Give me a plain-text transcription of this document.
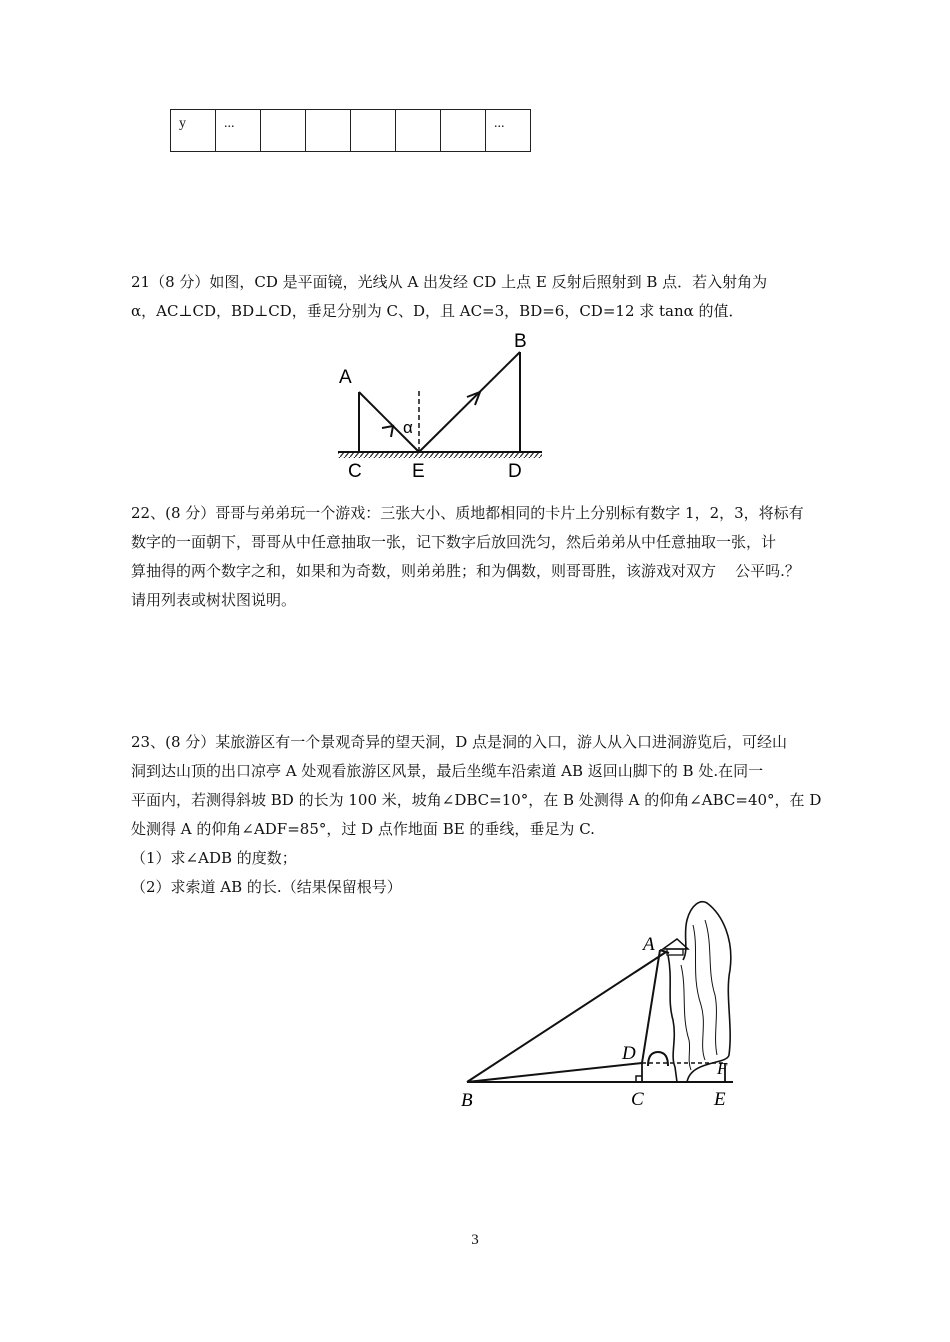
y	...						...

21（8 分）如图，CD 是平面镜，光线从 A 出发经 CD 上点 E 反射后照射到 B 点．若入射角为

α，AC⊥CD，BD⊥CD，垂足分别为 C、D，且 AC=3，BD=6，CD=12 求 tanα 的值．

A
B
C	E	D
α

22、(8 分）哥哥与弟弟玩一个游戏：三张大小、质地都相同的卡片上分别标有数字 1，2，3，将标有

数字的一面朝下，哥哥从中任意抽取一张，记下数字后放回洗匀，然后弟弟从中任意抽取一张，计

算抽得的两个数字之和，如果和为奇数，则弟弟胜；和为偶数，则哥哥胜，该游戏对双方    公平吗.？

请用列表或树状图说明。

23、(8 分）某旅游区有一个景观奇异的望天洞，D 点是洞的入口，游人从入口进洞游览后，可经山

洞到达山顶的出口凉亭 A 处观看旅游区风景，最后坐缆车沿索道 AB 返回山脚下的 B 处.在同一

平面内，若测得斜坡 BD 的长为 100 米，坡角∠DBC=10°，在 B 处测得 A 的仰角∠ABC=40°，在 D

处测得 A 的仰角∠ADF=85°，过 D 点作地面 BE 的垂线，垂足为 C.

（1）求∠ADB 的度数；

（2）求索道 AB 的长.（结果保留根号）

A
B	C
D
E
F
3
